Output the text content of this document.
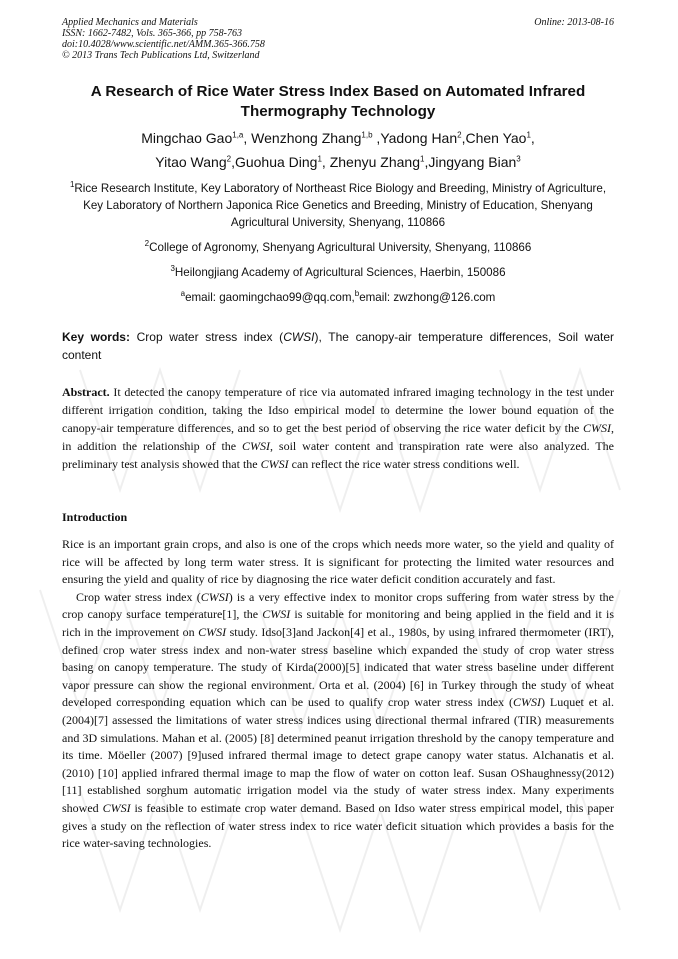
Applied Mechanics and Materials
ISSN: 1662-7482, Vols. 365-366, pp 758-763
doi:10.4028/www.scientific.net/AMM.365-366.758
© 2013 Trans Tech Publications Ltd, Switzerland
Online: 2013-08-16
A Research of Rice Water Stress Index Based on Automated Infrared Thermography Technology
Mingchao Gao$^{1,a}$, Wenzhong Zhang$^{1,b}$ ,Yadong Han$^2$,Chen Yao$^1$,
Yitao Wang$^2$,Guohua Ding$^1$, Zhenyu Zhang$^1$,Jingyang Bian$^3$
$^1$Rice Research Institute, Key Laboratory of Northeast Rice Biology and Breeding, Ministry of Agriculture, Key Laboratory of Northern Japonica Rice Genetics and Breeding, Ministry of Education, Shenyang Agricultural University, Shenyang, 110866
$^2$College of Agronomy, Shenyang Agricultural University, Shenyang, 110866
$^3$Heilongjiang Academy of Agricultural Sciences, Haerbin, 150086
$^a$email: gaomingchao99@qq.com,$^b$email: zwzhong@126.com
Key words: Crop water stress index (CWSI), The canopy-air temperature differences, Soil water content
Abstract. It detected the canopy temperature of rice via automated infrared imaging technology in the test under different irrigation condition, taking the Idso empirical model to determine the lower bound equation of the canopy-air temperature differences, and so to get the best period of observing the rice water deficit by the CWSI, in addition the relationship of the CWSI, soil water content and transpiration rate were also analyzed. The preliminary test analysis showed that the CWSI can reflect the rice water stress conditions well.
Introduction

Rice is an important grain crops, and also is one of the crops which needs more water, so the yield and quality of rice will be affected by long term water stress. It is significant for protecting the limited water resources and ensuring the yield and quality of rice by diagnosing the rice water deficit condition accurately and fast.

Crop water stress index (CWSI) is a very effective index to monitor crops suffering from water stress by the crop canopy surface temperature[1], the CWSI is suitable for monitoring and being applied in the field and it is rich in the improvement on CWSI study. Idso[3]and Jackon[4] et al., 1980s, by using infrared thermometer (IRT), defined crop water stress index and non-water stress baseline which expanded the study of crop water stress basing on canopy temperature. The study of Kirda(2000)[5] indicated that water stress baseline under different vapor pressure can show the regional environment. Orta et al. (2004) [6] in Turkey through the study of wheat developed corresponding equation which can be used to qualify crop water stress index (CWSI) Luquet et al.(2004)[7] assessed the limitations of water stress indices using directional thermal infrared (TIR) measurements and 3D simulations. Mahan et al. (2005) [8] determined peanut irrigation threshold by the canopy temperature and its time. Möeller (2007) [9]used infrared thermal image to detect grape canopy water status. Alchanatis et al. (2010) [10] applied infrared thermal image to map the flow of water on cotton leaf. Susan OShaughnessy(2012)[11] established sorghum automatic irrigation model via the study of water stress index. Many experiments showed CWSI is feasible to estimate crop water demand. Based on Idso water stress empirical model, this paper gives a study on the reflection of water stress index to rice water deficit situation which provides a basis for the rice water-saving technologies.
